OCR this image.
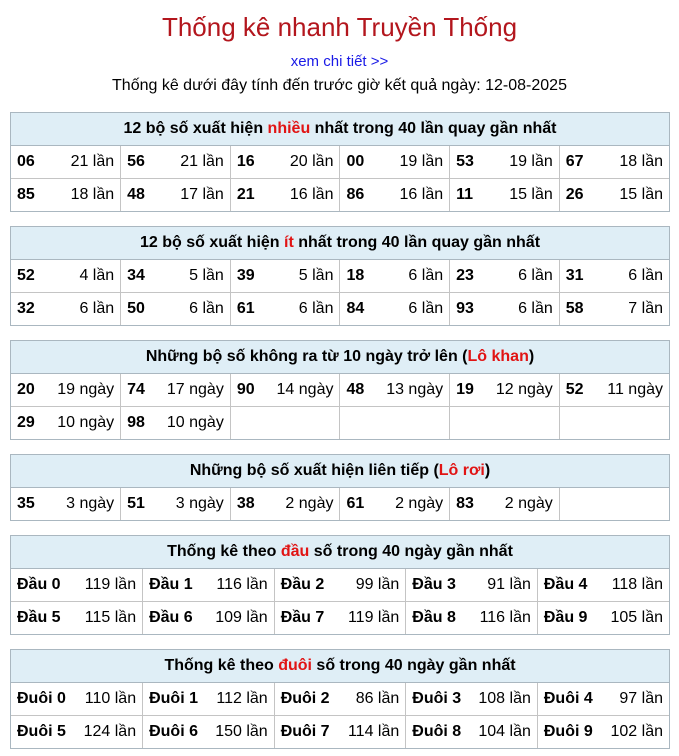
Thống kê nhanh Truyền Thống
xem chi tiết >>
Thống kê dưới đây tính đến trước giờ kết quả ngày: 12-08-2025
12 bộ số xuất hiện nhiều nhất trong 40 lần quay gần nhất
06 21 lần	56 21 lần	16 20 lần	00 19 lần	53 19 lần	67 18 lần

85 18 lần	48 17 lần	21 16 lần	86 16 lần	11 15 lần	26 15 lần
12 bộ số xuất hiện ít nhất trong 40 lần quay gần nhất
52 4 lần	34 5 lần	39 5 lần	18 6 lần	23 6 lần	31 6 lần

32 6 lần	50 6 lần	61 6 lần	84 6 lần	93 6 lần	58 7 lần
Những bộ số không ra từ 10 ngày trở lên (Lô khan)
20 19 ngày	74 17 ngày	90 14 ngày	48 13 ngày	19 12 ngày	52 11 ngày

29 10 ngày	98 10 ngày				

Những bộ số xuất hiện liên tiếp (Lô rơi)
35 3 ngày	51 3 ngày	38 2 ngày	61 2 ngày	83 2 ngày

Thống kê theo đầu số trong 40 ngày gần nhất
Đầu 0 119 lần	Đầu 1 116 lần	Đầu 2 99 lần	Đầu 3 91 lần	Đầu 4 118 lần

Đầu 5 115 lần	Đầu 6 109 lần	Đầu 7 119 lần	Đầu 8 116 lần	Đầu 9 105 lần
Thống kê theo đuôi số trong 40 ngày gần nhất
Đuôi 0 110 lần	Đuôi 1 112 lần	Đuôi 2 86 lần	Đuôi 3 108 lần	Đuôi 4 97 lần

Đuôi 5 124 lần	Đuôi 6 150 lần	Đuôi 7 114 lần	Đuôi 8 104 lần	Đuôi 9 102 lần
